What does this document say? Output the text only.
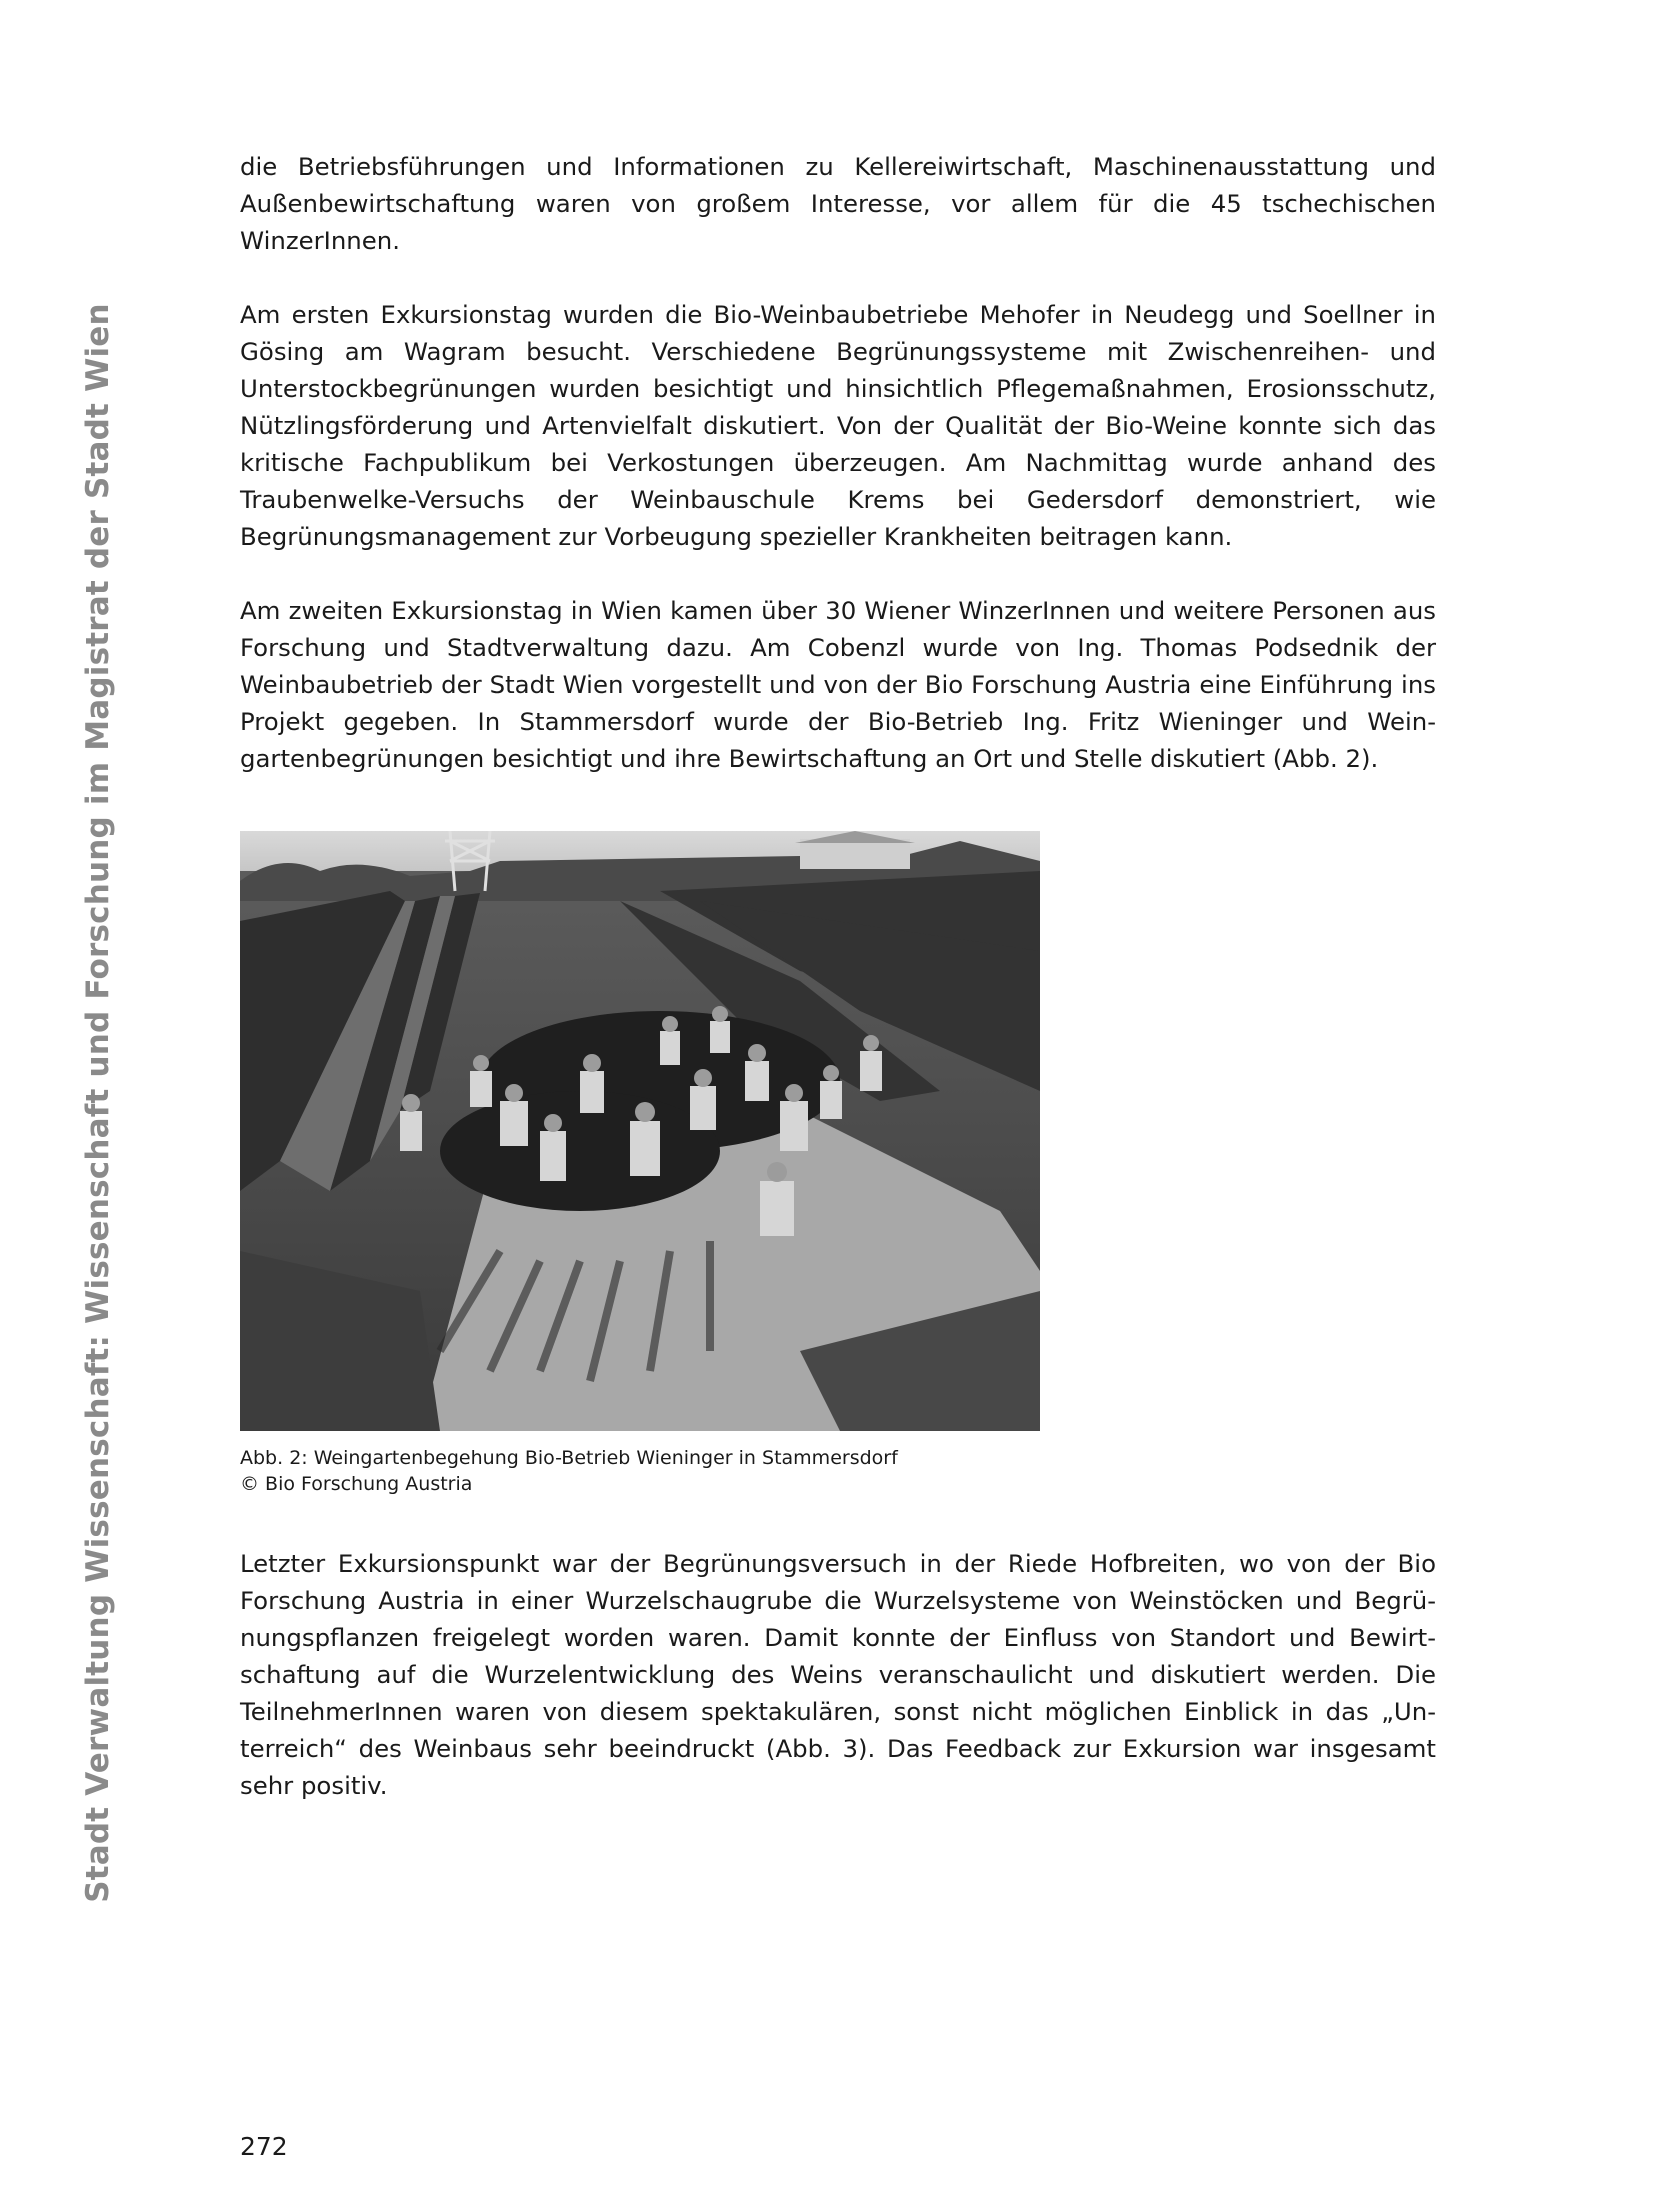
Stadt Verwaltung Wissenschaft: Wissenschaft und Forschung im Magistrat der Stadt Wien

die Betriebsführungen und Informationen zu Kellereiwirtschaft, Maschinenausstattung und Außenbewirtschaftung waren von großem Interesse, vor allem für die 45 tschechischen WinzerInnen.

Am ersten Exkursionstag wurden die Bio-Weinbaubetriebe Mehofer in Neudegg und Soellner in Gösing am Wagram besucht. Verschiedene Begrünungssysteme mit Zwischenreihen- und Unterstockbegrünungen wurden besichtigt und hinsichtlich Pflegemaßnahmen, Erosionsschutz, Nützlingsförderung und Artenvielfalt diskutiert. Von der Qualität der Bio-Weine konnte sich das kritische Fachpublikum bei Verkostungen überzeugen. Am Nachmittag wurde anhand des Traubenwelke-Versuchs der Weinbauschule Krems bei Gedersdorf demonstriert, wie Begrünungsmanagement zur Vorbeugung spezieller Krankheiten beitragen kann.

Am zweiten Exkursionstag in Wien kamen über 30 Wiener WinzerInnen und weitere Personen aus Forschung und Stadtverwaltung dazu. Am Cobenzl wurde von Ing. Thomas Podsednik der Weinbaubetrieb der Stadt Wien vorgestellt und von der Bio Forschung Austria eine Einführung ins Projekt gegeben. In Stammersdorf wurde der Bio-Betrieb Ing. Fritz Wieninger und Weingartenbegrünungen besichtigt und ihre Bewirtschaftung an Ort und Stelle diskutiert (Abb. 2).

Abb. 2: Weingartenbegehung Bio-Betrieb Wieninger in Stammersdorf
© Bio Forschung Austria

Letzter Exkursionspunkt war der Begrünungsversuch in der Riede Hofbreiten, wo von der Bio Forschung Austria in einer Wurzelschaugrube die Wurzelsysteme von Weinstöcken und Begrünungspflanzen freigelegt worden waren. Damit konnte der Einfluss von Standort und Bewirtschaftung auf die Wurzelentwicklung des Weins veranschaulicht und diskutiert werden. Die TeilnehmerInnen waren von diesem spektakulären, sonst nicht möglichen Einblick in das „Unterreich“ des Weinbaus sehr beeindruckt (Abb. 3). Das Feedback zur Exkursion war insgesamt sehr positiv.

272
